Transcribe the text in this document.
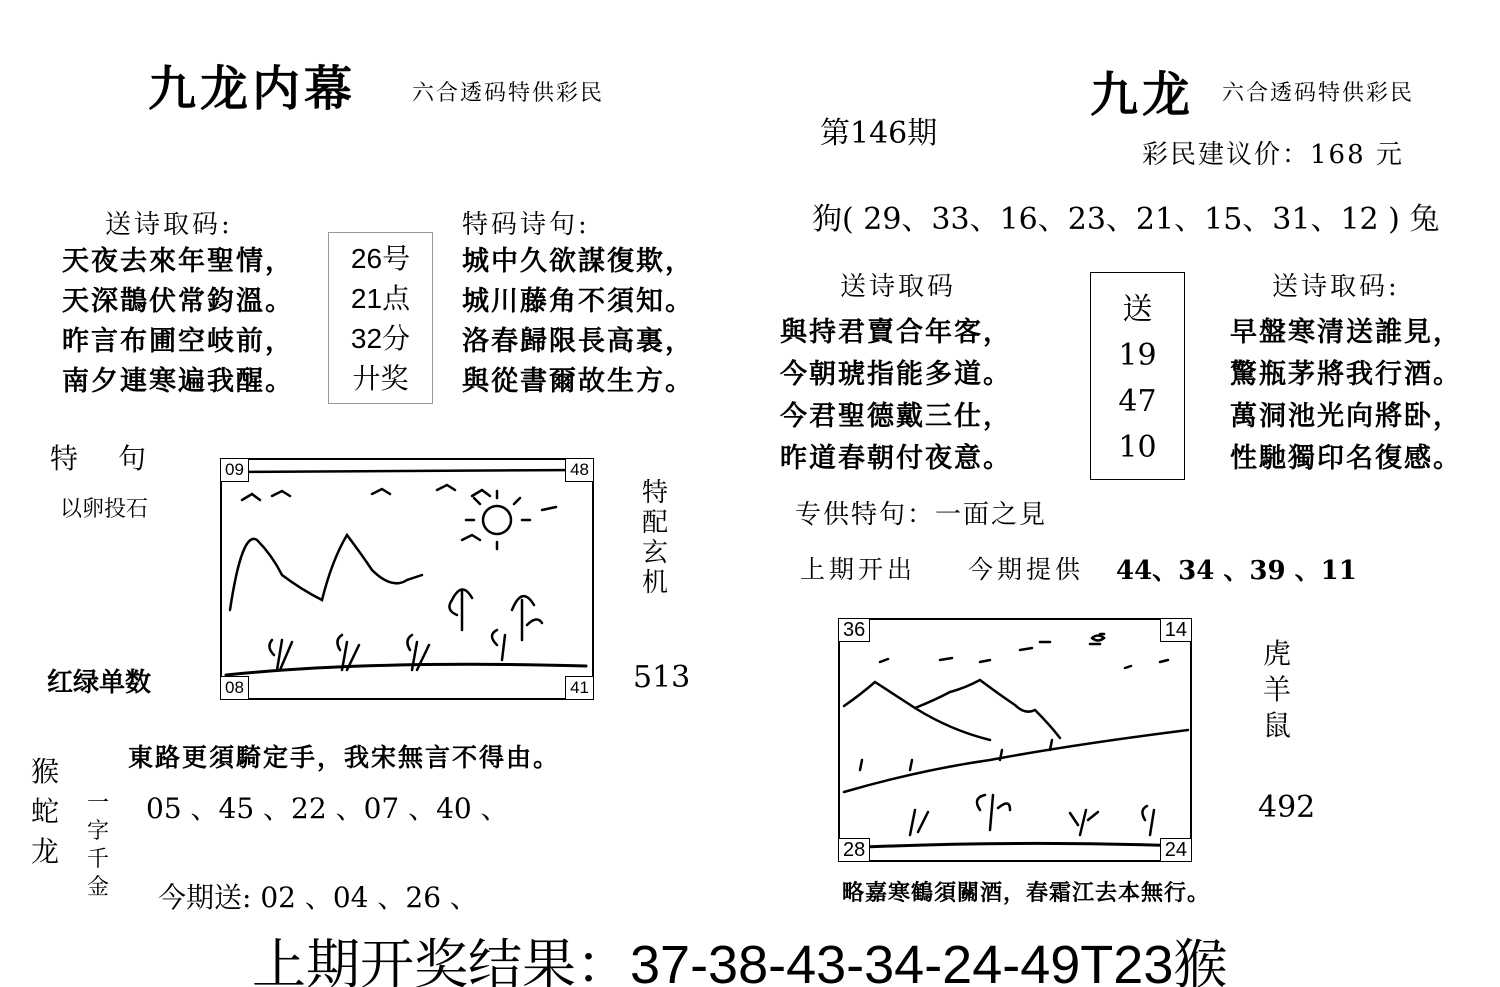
九龙内幕	六合透码特供彩民
送诗取码:
天夜去來年聖情，
天深鵲伏常鈞溫。
昨言布圃空岐前，
南夕連寒遍我醒。
26号
21点
32分
廾奖
特码诗句:
城中久欲謀復欺，
城川藤角不須知。
洛春歸限長高裏，
與從書爾故生方。
特　句
以卵投石
09	48
08	41
特配玄机
红绿单数	513
東路更須騎定手，我宋無言不得由。
猴蛇龙
一字千金
05 、45 、22 、07 、40 、
今期送: 02 、04 、26 、
九龙 六合透码特供彩民
第146期
彩民建议价：168 元
狗( 29、33、16、23、21、15、31、12 ) 兔
送诗取码
與持君賣合年客，
今朝琥指能多道。
今君聖德戴三仕，
昨道春朝付夜意。
送
19
47
10
送诗取码:
早盤寒清送誰見，
驚瓶茅將我行酒。
萬洞池光向將卧，
性馳獨印名復感。
专供特句：一面之見
上期开出 今期提供 44、34 、39 、11
36	14
28	24
虎羊鼠
492
略嘉寒鶴須關酒，春霜江去本無行。
上期开奖结果：37-38-43-34-24-49T23猴
